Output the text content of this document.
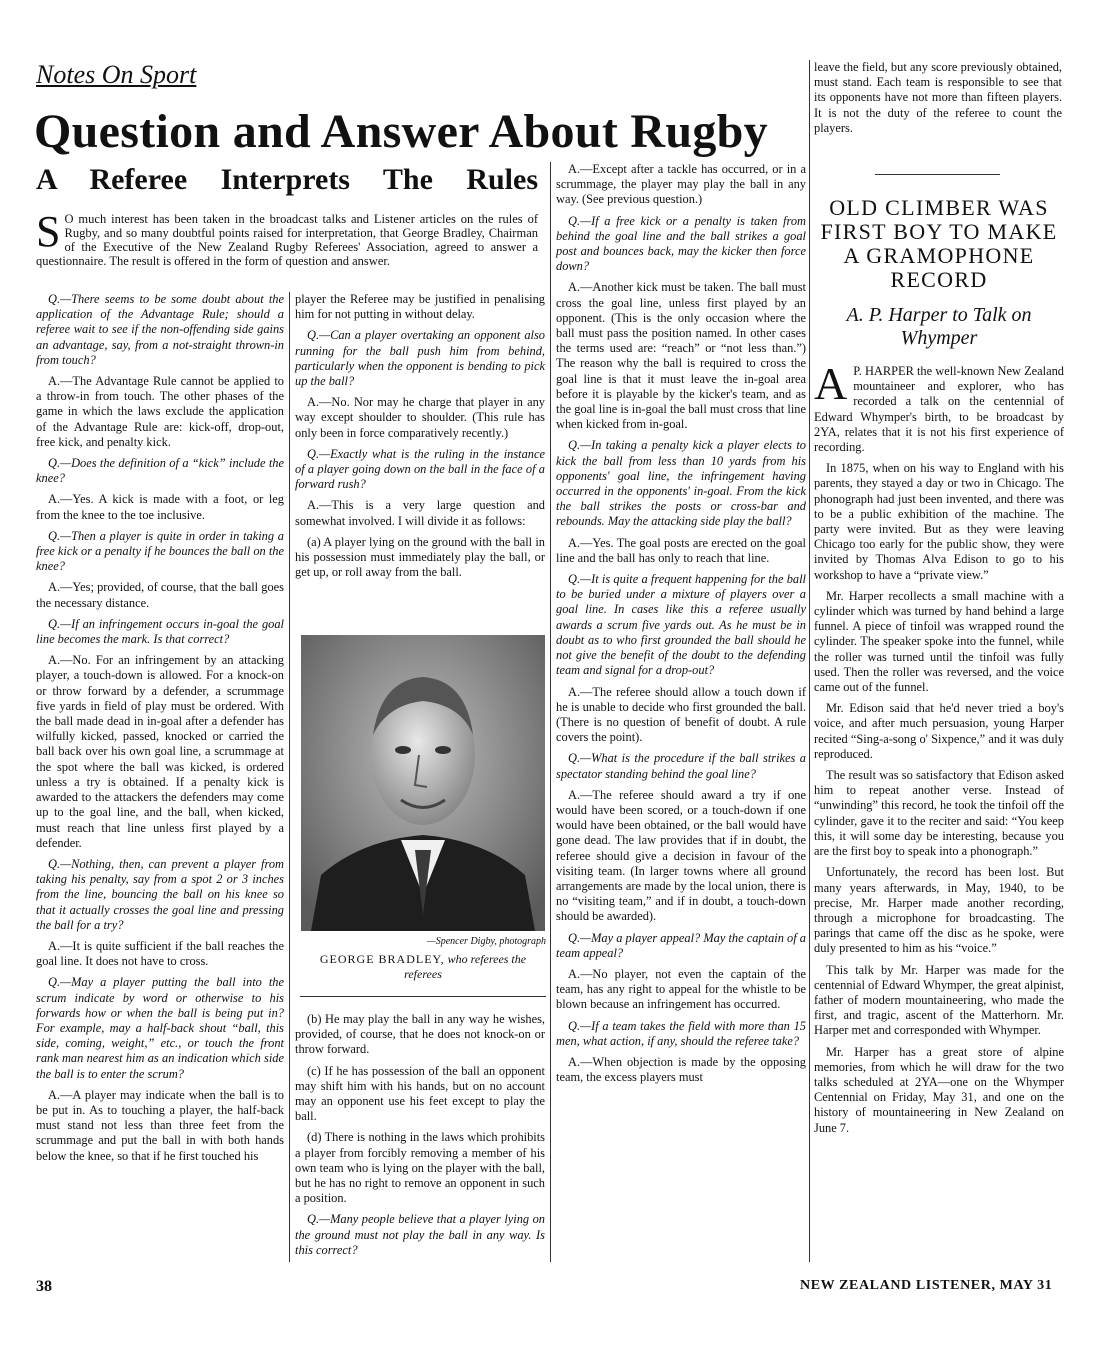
Notes On Sport
Question and Answer About Rugby
A Referee Interprets The Rules
S O much interest has been taken in the broadcast talks and Listener articles on the rules of Rugby, and so many doubtful points raised for interpretation, that George Bradley, Chairman of the Executive of the New Zealand Rugby Referees' Association, agreed to answer a questionnaire. The result is offered in the form of question and answer.

Q.—There seems to be some doubt about the application of the Advantage Rule; should a referee wait to see if the non-offending side gains an advantage, say, from a not-straight thrown-in from touch?

A.—The Advantage Rule cannot be applied to a throw-in from touch. The other phases of the game in which the laws exclude the application of the Advantage Rule are: kick-off, drop-out, free kick, and penalty kick.

Q.—Does the definition of a “kick” include the knee?

A.—Yes. A kick is made with a foot, or leg from the knee to the toe inclusive.

Q.—Then a player is quite in order in taking a free kick or a penalty if he bounces the ball on the knee?

A.—Yes; provided, of course, that the ball goes the necessary distance.

Q.—If an infringement occurs in-goal the goal line becomes the mark. Is that correct?

A.—No. For an infringement by an attacking player, a touch-down is allowed. For a knock-on or throw forward by a defender, a scrummage five yards in field of play must be ordered. With the ball made dead in in-goal after a defender has wilfully kicked, passed, knocked or carried the ball back over his own goal line, a scrummage at the spot where the ball was kicked, is ordered unless a try is obtained. If a penalty kick is awarded to the attackers the defenders may come up to the goal line, and the ball, when kicked, must reach that line unless first played by a defender.

Q.—Nothing, then, can prevent a player from taking his penalty, say from a spot 2 or 3 inches from the line, bouncing the ball on his knee so that it actually crosses the goal line and pressing the ball for a try?

A.—It is quite sufficient if the ball reaches the goal line. It does not have to cross.

Q.—May a player putting the ball into the scrum indicate by word or otherwise to his forwards how or when the ball is being put in? For example, may a half-back shout “ball, this side, coming, weight,” etc., or touch the front rank man nearest him as an indication which side the ball is to enter the scrum?

A.—A player may indicate when the ball is to be put in. As to touching a player, the half-back must stand not less than three feet from the scrummage and put the ball in with both hands below the knee, so that if he first touched his

player the Referee may be justified in penalising him for not putting in without delay.

Q.—Can a player overtaking an opponent also running for the ball push him from behind, particularly when the opponent is bending to pick up the ball?

A.—No. Nor may he charge that player in any way except shoulder to shoulder. (This rule has only been in force comparatively recently.)

Q.—Exactly what is the ruling in the instance of a player going down on the ball in the face of a forward rush?

A.—This is a very large question and somewhat involved. I will divide it as follows:

(a) A player lying on the ground with the ball in his possession must immediately play the ball, or get up, or roll away from the ball.

—Spencer Digby, photograph
GEORGE BRADLEY, who referees the referees

(b) He may play the ball in any way he wishes, provided, of course, that he does not knock-on or throw forward.

(c) If he has possession of the ball an opponent may shift him with his hands, but on no account may an opponent use his feet except to play the ball.

(d) There is nothing in the laws which prohibits a player from forcibly removing a member of his own team who is lying on the player with the ball, but he has no right to remove an opponent in such a position.

Q.—Many people believe that a player lying on the ground must not play the ball in any way. Is this correct?

A.—Except after a tackle has occurred, or in a scrummage, the player may play the ball in any way. (See previous question.)

Q.—If a free kick or a penalty is taken from behind the goal line and the ball strikes a goal post and bounces back, may the kicker then force down?

A.—Another kick must be taken. The ball must cross the goal line, unless first played by an opponent. (This is the only occasion where the ball must pass the position named. In other cases the terms used are: “reach” or “not less than.”) The reason why the ball is required to cross the goal line is that it must leave the in-goal area before it is playable by the kicker's team, and as the goal line is in-goal the ball must cross that line when kicked from in-goal.

Q.—In taking a penalty kick a player elects to kick the ball from less than 10 yards from his opponents' goal line, the infringement having occurred in the opponents' in-goal. From the kick the ball strikes the posts or cross-bar and rebounds. May the attacking side play the ball?

A.—Yes. The goal posts are erected on the goal line and the ball has only to reach that line.

Q.—It is quite a frequent happening for the ball to be buried under a mixture of players over a goal line. In cases like this a referee usually awards a scrum five yards out. As he must be in doubt as to who first grounded the ball should he not give the benefit of the doubt to the defending team and signal for a drop-out?

A.—The referee should allow a touch down if he is unable to decide who first grounded the ball. (There is no question of benefit of doubt. A rule covers the point).

Q.—What is the procedure if the ball strikes a spectator standing behind the goal line?

A.—The referee should award a try if one would have been scored, or a touch-down if one would have been obtained, or the ball would have gone dead. The law provides that if in doubt, the referee should give a decision in favour of the visiting team. (In larger towns where all ground arrangements are made by the local union, there is no “visiting team,” and if in doubt, a touch-down should be awarded).

Q.—May a player appeal? May the captain of a team appeal?

A.—No player, not even the captain of the team, has any right to appeal for the whistle to be blown because an infringement has occurred.

Q.—If a team takes the field with more than 15 men, what action, if any, should the referee take?

A.—When objection is made by the opposing team, the excess players must

leave the field, but any score previously obtained, must stand. Each team is responsible to see that its opponents have not more than fifteen players. It is not the duty of the referee to count the players.

OLD CLIMBER WAS FIRST BOY TO MAKE A GRAMOPHONE RECORD
A. P. Harper to Talk on Whymper

A P. HARPER the well-known New Zealand mountaineer and explorer, who has recorded a talk on the centennial of Edward Whymper's birth, to be broadcast by 2YA, relates that it is not his first experience of recording.

In 1875, when on his way to England with his parents, they stayed a day or two in Chicago. The phonograph had just been invented, and there was to be a public exhibition of the machine. The party were invited. But as they were leaving Chicago too early for the public show, they were invited by Thomas Alva Edison to go to his workshop to have a “private view.”

Mr. Harper recollects a small machine with a cylinder which was turned by hand behind a large funnel. A piece of tinfoil was wrapped round the cylinder. The speaker spoke into the funnel, while the roller was turned until the tinfoil was fully used. Then the roller was reversed, and the voice came out of the funnel.

Mr. Edison said that he'd never tried a boy's voice, and after much persuasion, young Harper recited “Sing-a-song o' Sixpence,” and it was duly reproduced.

The result was so satisfactory that Edison asked him to repeat another verse. Instead of “unwinding” this record, he took the tinfoil off the cylinder, gave it to the reciter and said: “You keep this, it will some day be interesting, because you are the first boy to speak into a phonograph.”

Unfortunately, the record has been lost. But many years afterwards, in May, 1940, to be precise, Mr. Harper made another recording, through a microphone for broadcasting. The parings that came off the disc as he spoke, were duly presented to him as his “voice.”

This talk by Mr. Harper was made for the centennial of Edward Whymper, the great alpinist, father of modern mountaineering, who made the first, and tragic, ascent of the Matterhorn. Mr. Harper met and corresponded with Whymper.

Mr. Harper has a great store of alpine memories, from which he will draw for the two talks scheduled at 2YA—one on the Whymper Centennial on Friday, May 31, and one on the history of mountaineering in New Zealand on June 7.

38	NEW ZEALAND LISTENER, MAY 31
